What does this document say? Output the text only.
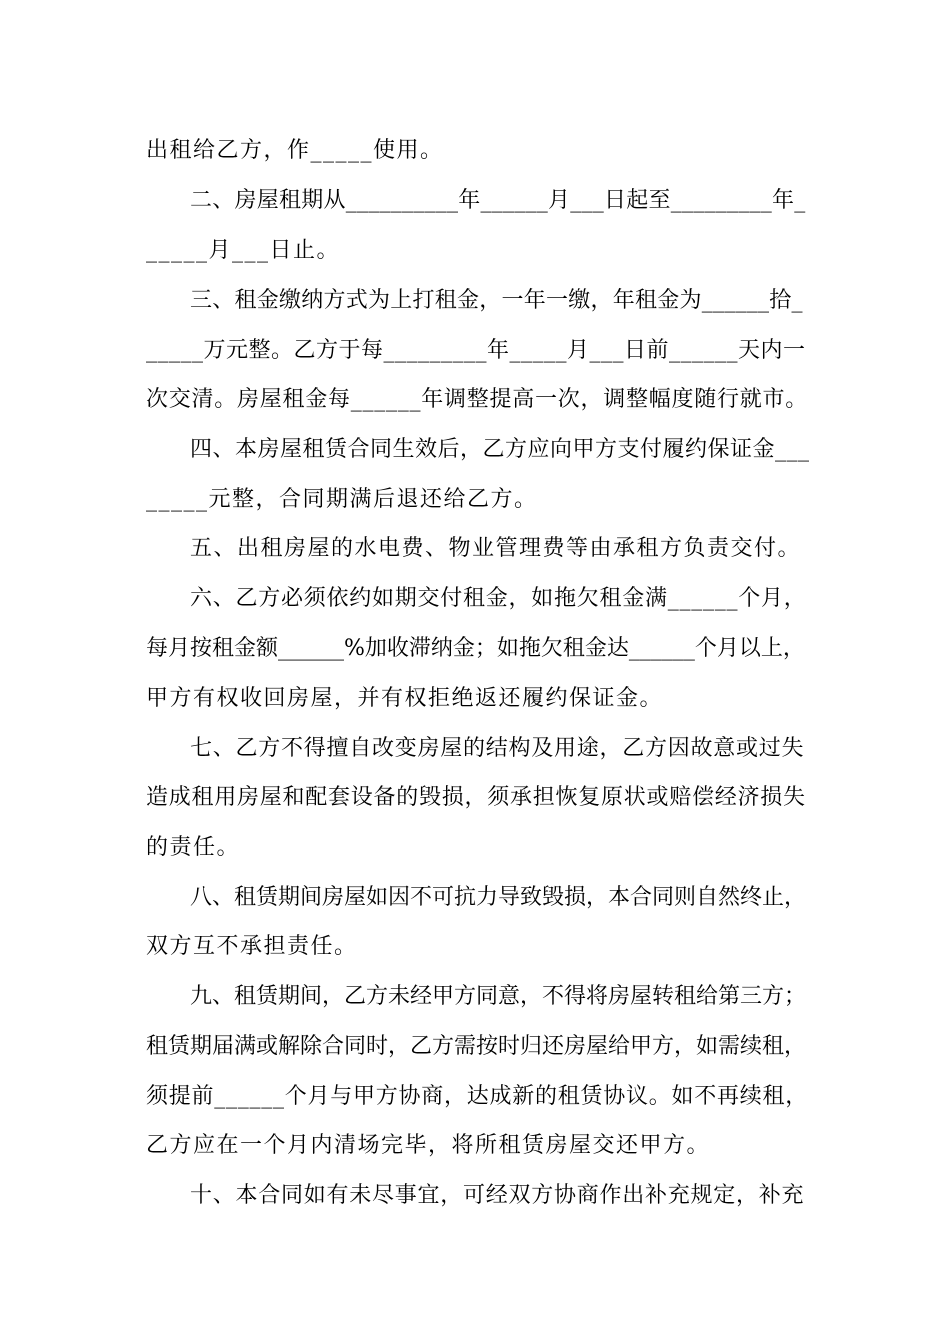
出租给乙方，作_____使用。
二、房屋租期从__________年______月___日起至_________年_
_____月___日止。
三、租金缴纳方式为上打租金，一年一缴，年租金为______拾_
_____万元整。乙方于每_________年_____月___日前______天内一
次交清。房屋租金每______年调整提高一次，调整幅度随行就市。
四、本房屋租赁合同生效后，乙方应向甲方支付履约保证金___
_____元整，合同期满后退还给乙方。
五、出租房屋的水电费、物业管理费等由承租方负责交付。
六、乙方必须依约如期交付租金，如拖欠租金满______个月，
每月按租金额______%加收滞纳金；如拖欠租金达______个月以上，
甲方有权收回房屋，并有权拒绝返还履约保证金。
七、乙方不得擅自改变房屋的结构及用途，乙方因故意或过失
造成租用房屋和配套设备的毁损，须承担恢复原状或赔偿经济损失
的责任。
八、租赁期间房屋如因不可抗力导致毁损，本合同则自然终止，
双方互不承担责任。
九、租赁期间，乙方未经甲方同意，不得将房屋转租给第三方；
租赁期届满或解除合同时，乙方需按时归还房屋给甲方，如需续租，
须提前______个月与甲方协商，达成新的租赁协议。如不再续租，
乙方应在一个月内清场完毕，将所租赁房屋交还甲方。
十、本合同如有未尽事宜，可经双方协商作出补充规定，补充
